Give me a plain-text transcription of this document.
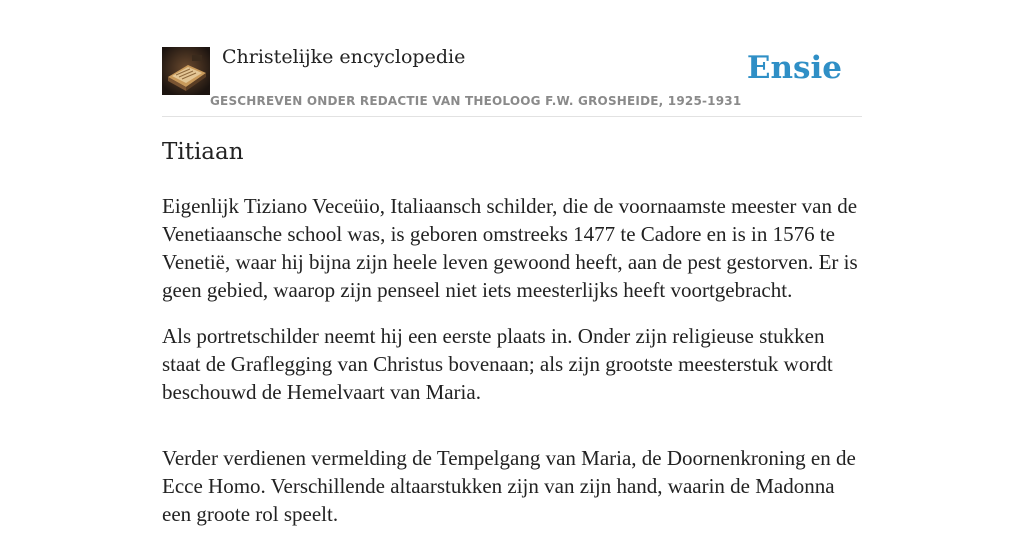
Christelijke encyclopedie
GESCHREVEN ONDER REDACTIE VAN THEOLOOG F.W. GROSHEIDE, 1925-1931
Ensie
Titiaan

Eigenlijk Tiziano Veceüio, Italiaansch schilder, die de voornaamste meester van de Venetiaansche school was, is geboren omstreeks 1477 te Cadore en is in 1576 te Venetië, waar hij bijna zijn heele leven gewoond heeft, aan de pest gestorven. Er is geen gebied, waarop zijn penseel niet iets meesterlijks heeft voortgebracht.

Als portretschilder neemt hij een eerste plaats in. Onder zijn religieuse stukken staat de Graflegging van Christus bovenaan; als zijn grootste meesterstuk wordt beschouwd de Hemelvaart van Maria.

Verder verdienen vermelding de Tempelgang van Maria, de Doornenkroning en de Ecce Homo. Verschillende altaarstukken zijn van zijn hand, waarin de Madonna een groote rol speelt.
